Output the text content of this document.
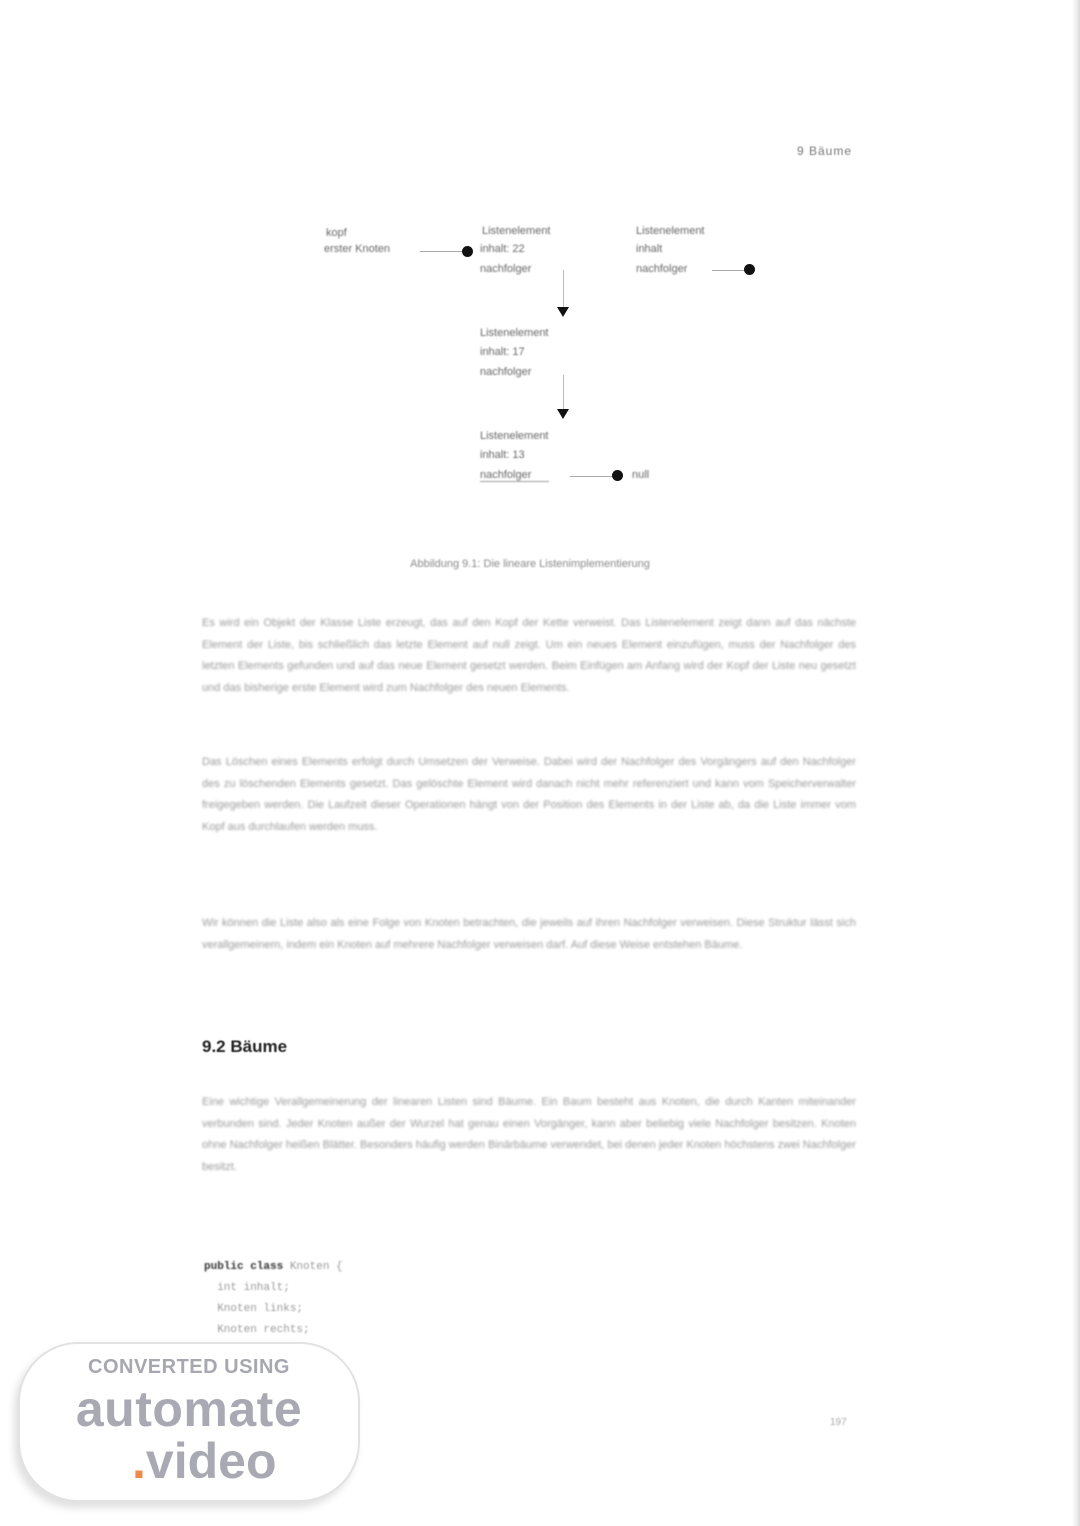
9 Bäume
kopf
erster Knoten
Listenelement
inhalt: 22
nachfolger
Listenelement
inhalt
nachfolger
Listenelement
inhalt: 17
nachfolger
Listenelement
inhalt: 13
nachfolger	null
Abbildung 9.1: Die lineare Listenimplementierung

Es wird ein Objekt der Klasse Liste erzeugt, das auf den Kopf der Kette verweist. Das Listenelement zeigt dann auf das nächste Element der Liste, bis schließlich das letzte Element auf null zeigt. Um ein neues Element einzufügen, muss der Nachfolger des letzten Elements gefunden und auf das neue Element gesetzt werden. Beim Einfügen am Anfang wird der Kopf der Liste neu gesetzt und das bisherige erste Element wird zum Nachfolger des neuen Elements.

Das Löschen eines Elements erfolgt durch Umsetzen der Verweise. Dabei wird der Nachfolger des Vorgängers auf den Nachfolger des zu löschenden Elements gesetzt. Das gelöschte Element wird danach nicht mehr referenziert und kann vom Speicherverwalter freigegeben werden. Die Laufzeit dieser Operationen hängt von der Position des Elements in der Liste ab, da die Liste immer vom Kopf aus durchlaufen werden muss.

Wir können die Liste also als eine Folge von Knoten betrachten, die jeweils auf ihren Nachfolger verweisen. Diese Struktur lässt sich verallgemeinern, indem ein Knoten auf mehrere Nachfolger verweisen darf. Auf diese Weise entstehen Bäume.

9.2 Bäume

Eine wichtige Verallgemeinerung der linearen Listen sind Bäume. Ein Baum besteht aus Knoten, die durch Kanten miteinander verbunden sind. Jeder Knoten außer der Wurzel hat genau einen Vorgänger, kann aber beliebig viele Nachfolger besitzen. Knoten ohne Nachfolger heißen Blätter. Besonders häufig werden Binärbäume verwendet, bei denen jeder Knoten höchstens zwei Nachfolger besitzt.

public class Knoten {
int inhalt;
Knoten links;
Knoten rechts;
197
CONVERTED USING
automate
.video
